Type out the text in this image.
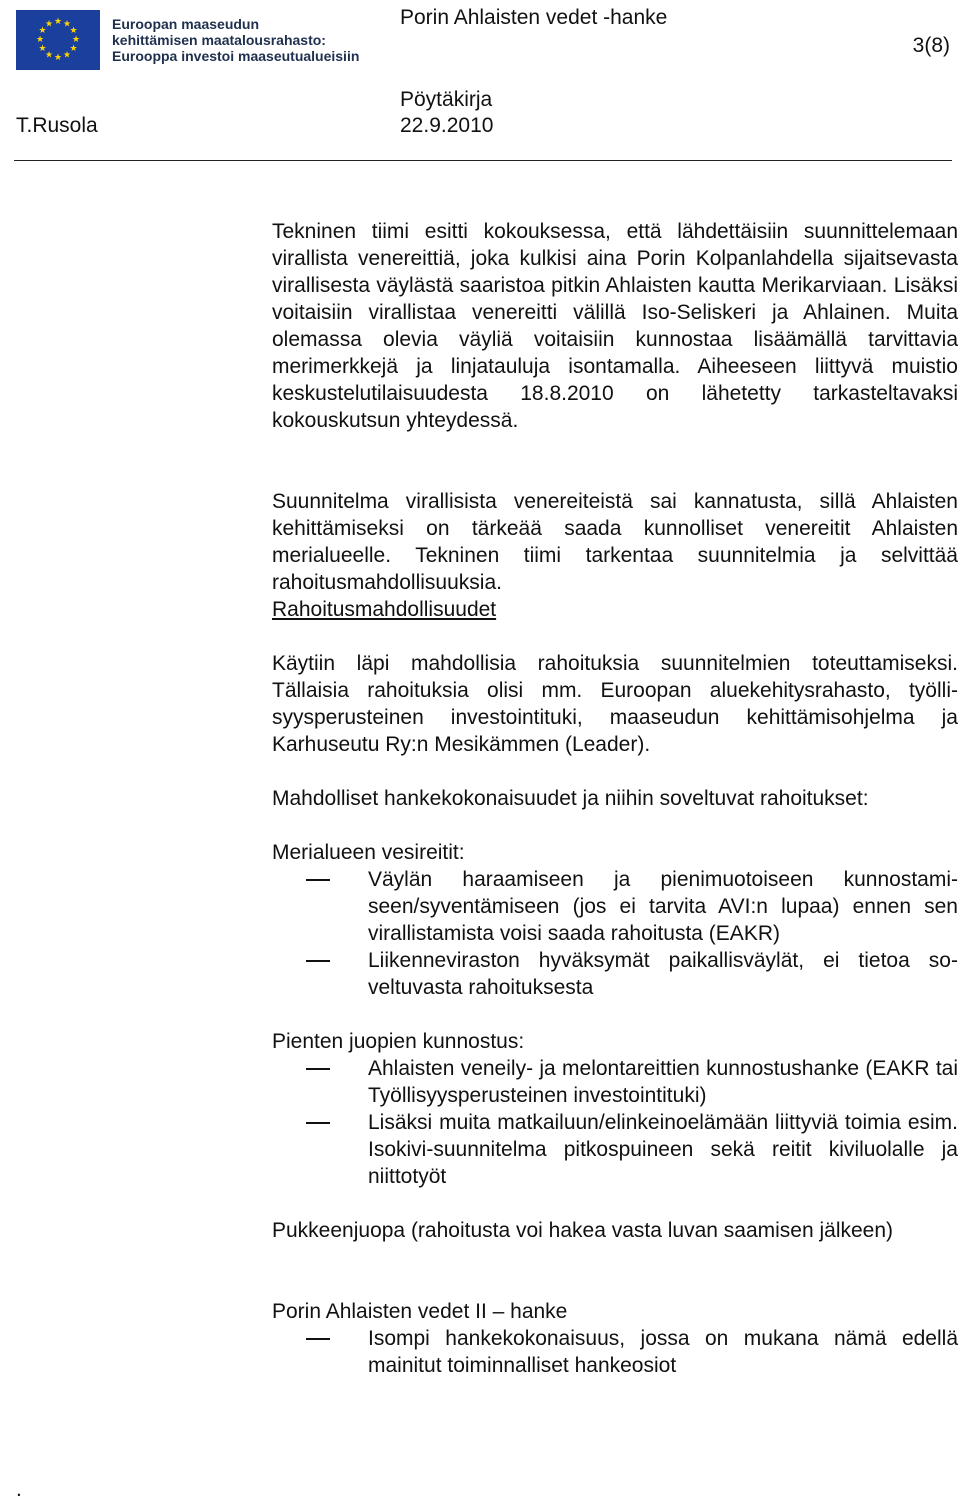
★ ★
★
★
★
★
★
★
★
★
★
★	Euroopan maaseudun
kehittämisen maatalousrahasto:
Eurooppa investoi maaseutualueisiin
Porin Ahlaisten vedet -hanke
3(8)
Pöytäkirja
T.Rusola	22.9.2010
Tekninen tiimi esitti kokouksessa, että lähdettäisiin suunnittelemaan virallista venereittiä, joka kulkisi aina Porin Kolpanlahdella sijaitsevasta virallisesta väylästä saaristoa pitkin Ahlaisten kautta Merikarviaan. Lisäksi voitaisiin virallistaa venereitti välillä Iso-Seliskeri ja Ahlainen. Muita olemassa olevia väyliä voitaisiin kunnostaa lisäämällä tarvittavia merimerkkejä ja linjatauluja isontamalla. Aiheeseen liittyvä muistio keskustelutilaisuudesta 18.8.2010 on lähetetty tarkasteltavaksi kokouskutsun yhteydessä.
Suunnitelma virallisista venereiteistä sai kannatusta, sillä Ahlaisten kehittämiseksi on tärkeää saada kunnolliset venereitit Ahlaisten merialueelle. Tekninen tiimi tarkentaa suunnitelmia ja selvittää rahoitusmahdollisuuksia.
Rahoitusmahdollisuudet
Käytiin läpi mahdollisia rahoituksia suunnitelmien toteuttamiseksi. Tällaisia rahoituksia olisi mm. Euroopan aluekehitysrahasto, työllisyysperusteinen investointituki, maaseudun kehittämisohjelma ja Karhuseutu Ry:n Mesikämmen (Leader).
Mahdolliset hankekokonaisuudet ja niihin soveltuvat rahoitukset:
Merialueen vesireitit:
Väylän haraamiseen ja pienimuotoiseen kunnostamiseen/syventämiseen (jos ei tarvita AVI:n lupaa) ennen sen virallistamista voisi saada rahoitusta (EAKR)
Liikenneviraston hyväksymät paikallisväylät, ei tietoa soveltuvasta rahoituksesta
Pienten juopien kunnostus:
Ahlaisten veneily- ja melontareittien kunnostushanke (EAKR tai Työllisyysperusteinen investointituki)
Lisäksi muita matkailuun/elinkeinoelämään liittyviä toimia esim. Isokivi-suunnitelma pitkospuineen sekä reitit kiviluolalle ja niittotyöt
Pukkeenjuopa (rahoitusta voi hakea vasta luvan saamisen jälkeen)
Porin Ahlaisten vedet II – hanke
Isompi hankekokonaisuus, jossa on mukana nämä edellä mainitut toiminnalliset hankeosiot
.
